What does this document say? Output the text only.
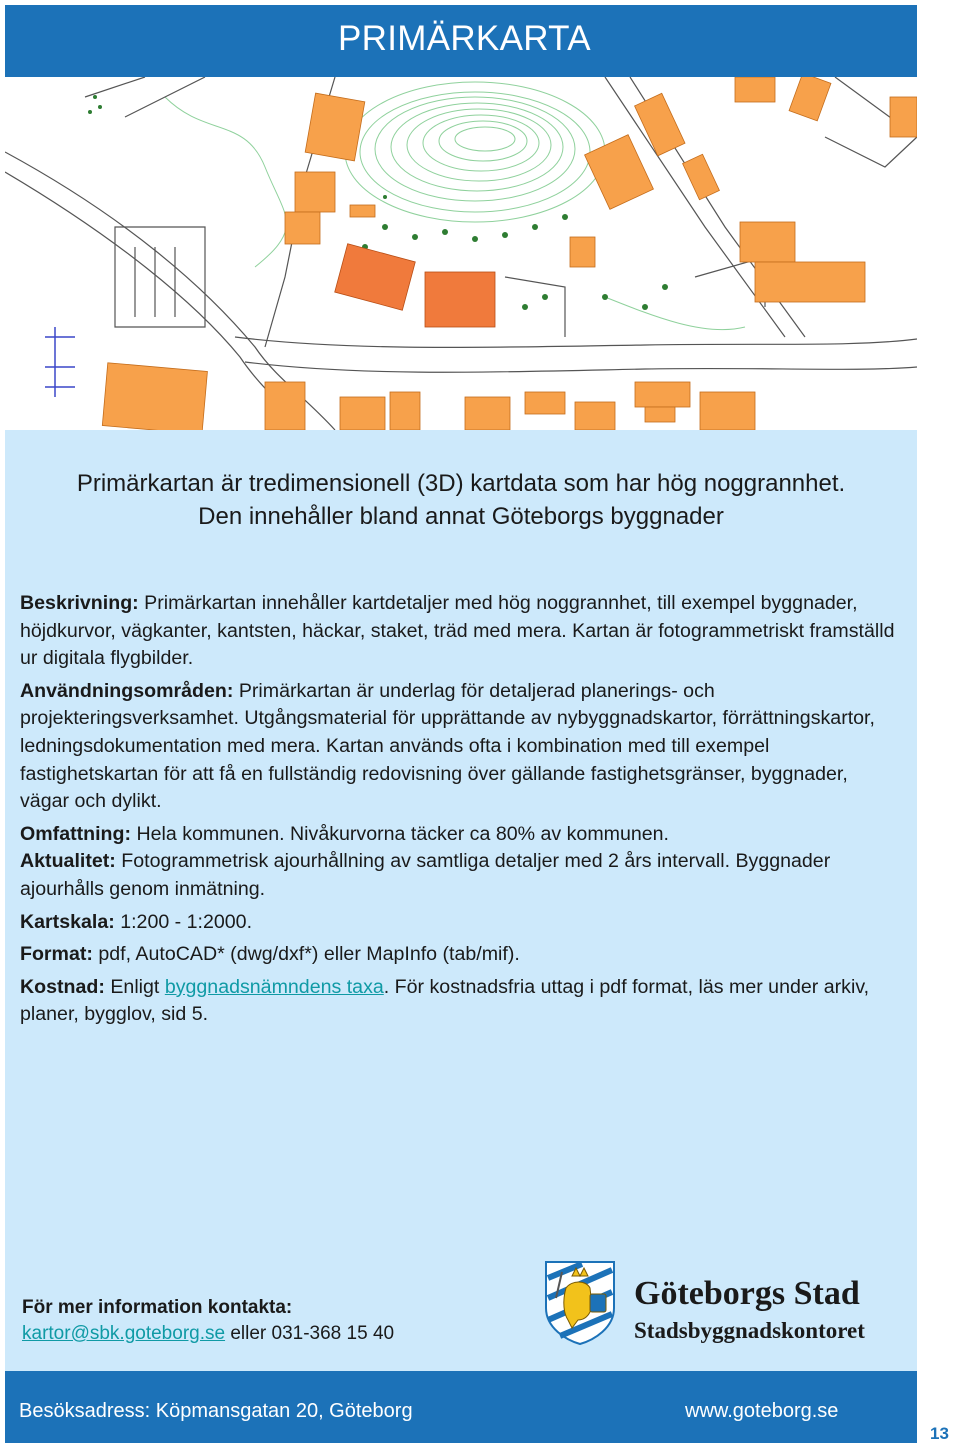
PRIMÄRKARTA
Primärkartan är tredimensionell (3D) kartdata som har hög noggrannhet.
Den innehåller bland annat Göteborgs byggnader

Beskrivning: Primärkartan innehåller kartdetaljer med hög noggrannhet, till exempel byggnader, höjdkurvor, vägkanter, kantsten, häckar, staket, träd med mera. Kartan är fotogrammetriskt framställd ur digitala flygbilder.

Användningsområden: Primärkartan är underlag för detaljerad planerings- och projekteringsverksamhet. Utgångsmaterial för upprättande av nybyggnadskartor, förrättningskartor, ledningsdokumentation med mera. Kartan används ofta i kombination med till exempel fastighetskartan för att få en fullständig redovisning över gällande fastighetsgränser, byggnader, vägar och dylikt.

Omfattning: Hela kommunen. Nivåkurvorna täcker ca 80% av kommunen.

Aktualitet: Fotogrammetrisk ajourhållning av samtliga detaljer med 2 års intervall. Byggnader ajourhålls genom inmätning.

Kartskala: 1:200 - 1:2000.

Format: pdf, AutoCAD* (dwg/dxf*) eller MapInfo (tab/mif).

Kostnad: Enligt byggnadsnämndens taxa. För kostnadsfria uttag i pdf format, läs mer under arkiv, planer, bygglov, sid 5.

För mer information kontakta:
kartor@sbk.goteborg.se eller 031-368 15 40
Göteborgs Stad
Stadsbyggnadskontoret
Besöksadress: Köpmansgatan 20, Göteborg	www.goteborg.se
13
